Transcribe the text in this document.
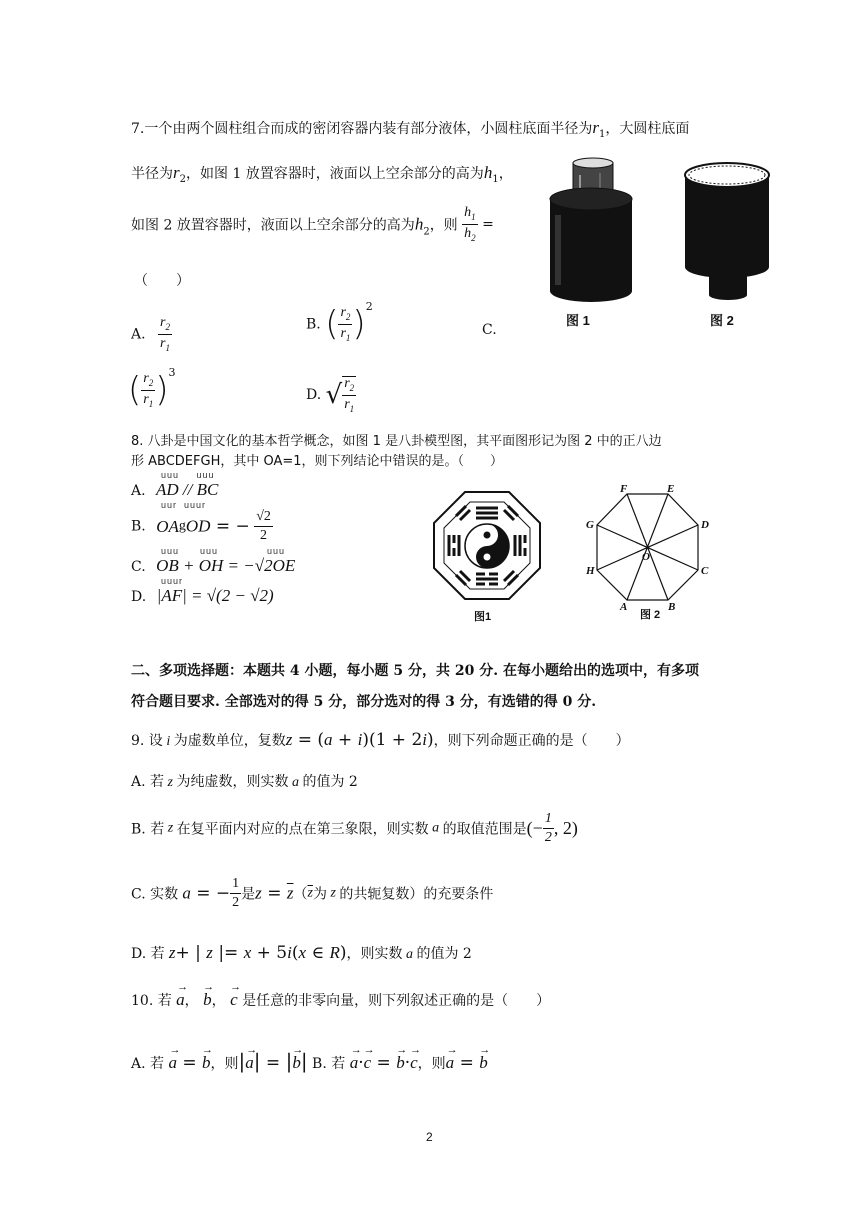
7.一个由两个圆柱组合而成的密闭容器内装有部分液体，小圆柱底面半径为$r_1$，大圆柱底面
半径为$r_2$，如图 1 放置容器时，液面以上空余部分的高为$h_1$，
如图 2 放置容器时，液面以上空余部分的高为$h_2$，则 $\frac{h_1}{h_2}$ =
（　　）
图 1	图 2
A. $\frac{r_2}{r_1}$	B. ( $\frac{r_2}{r_1} )^2$
C.
( $\frac{r_2}{r_1} )^3$
D. √ $\frac{r_2}{r_1}$
8. 八卦是中国文化的基本哲学概念，如图 1 是八卦模型图，其平面图形记为图 2 中的正八边
形 ABCDEFGH，其中 OA=1，则下列结论中错误的是。（　　）
uuu     uuu
A. AD // BC
uur  uuur
B. OAgOD = − $\frac{√2}{2}$
uuu      uuu              uuu
C. OB + OH = −√2OE
uuur
D. |AF| = √(2 − √2)
图1
A	B
C
D
E
F
G
H
O
图 2
二、多项选择题：本题共 4 小题，每小题 5 分，共 20 分. 在每小题给出的选项中，有多项
符合题目要求. 全部选对的得 5 分，部分选对的得 3 分，有选错的得 0 分.
9. 设 i 为虚数单位，复数z = (a + i)(1 + 2i)，则下列命题正确的是（　　）
A. 若 z 为纯虚数，则实数 a 的值为 2
B. 若 z 在复平面内对应的点在第三象限，则实数 a 的取值范围是(− $\frac{1}{2}$ , 2)
C. 实数 a = − $\frac{1}{2}$ 是$z = \overline{z}(\overline{z}$为 z 的共轭复数）的充要条件
D. 若 z+ | z |= x + 5i(x ∈ R)，则实数 a 的值为 2
10. 若
→
a，
→
b，
→
c 是任意的非零向量，则下列叙述正确的是（　　）
A. 若
→
a =
→
b，则| →
a| = | →
b| B. 若
→
a·
→
c =
→
b·
→
c，则
→
a =
→
b
2
